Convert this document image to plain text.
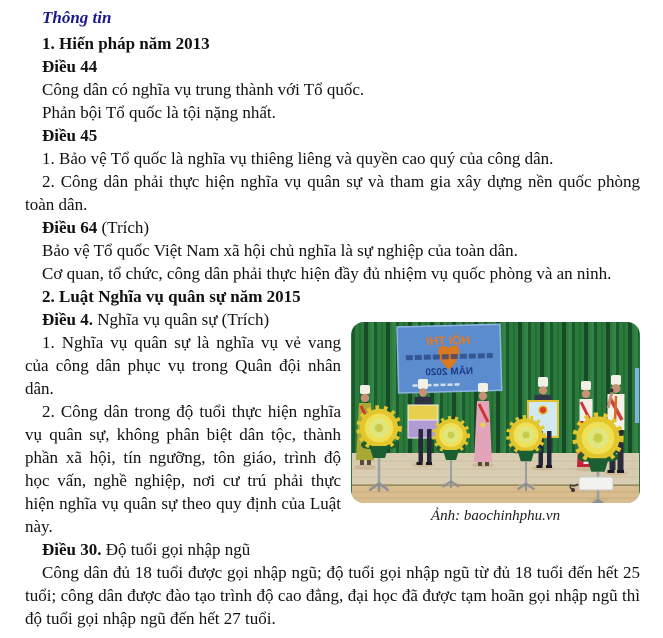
Thông tin

1. Hiến pháp năm 2013

Điều 44

Công dân có nghĩa vụ trung thành với Tổ quốc.

Phản bội Tổ quốc là tội nặng nhất.

Điều 45

1. Bảo vệ Tổ quốc là nghĩa vụ thiêng liêng và quyền cao quý của công dân.

2. Công dân phải thực hiện nghĩa vụ quân sự và tham gia xây dựng nền quốc phòng toàn dân.

Điều 64 (Trích)

Bảo vệ Tổ quốc Việt Nam xã hội chủ nghĩa là sự nghiệp của toàn dân.

Cơ quan, tổ chức, công dân phải thực hiện đầy đủ nhiệm vụ quốc phòng và an ninh.

2. Luật Nghĩa vụ quân sự năm 2015

HỘI THI
NĂM 2020
Ảnh: baochinhphu.vn

Điều 4. Nghĩa vụ quân sự (Trích)

1. Nghĩa vụ quân sự là nghĩa vụ vẻ vang của công dân phục vụ trong Quân đội nhân dân.

2. Công dân trong độ tuổi thực hiện nghĩa vụ quân sự, không phân biệt dân tộc, thành phần xã hội, tín ngưỡng, tôn giáo, trình độ học vấn, nghề nghiệp, nơi cư trú phải thực hiện nghĩa vụ quân sự theo quy định của Luật này.

Điều 30. Độ tuổi gọi nhập ngũ

Công dân đủ 18 tuổi được gọi nhập ngũ; độ tuổi gọi nhập ngũ từ đủ 18 tuổi đến hết 25 tuổi; công dân được đào tạo trình độ cao đẳng, đại học đã được tạm hoãn gọi nhập ngũ thì độ tuổi gọi nhập ngũ đến hết 27 tuổi.
